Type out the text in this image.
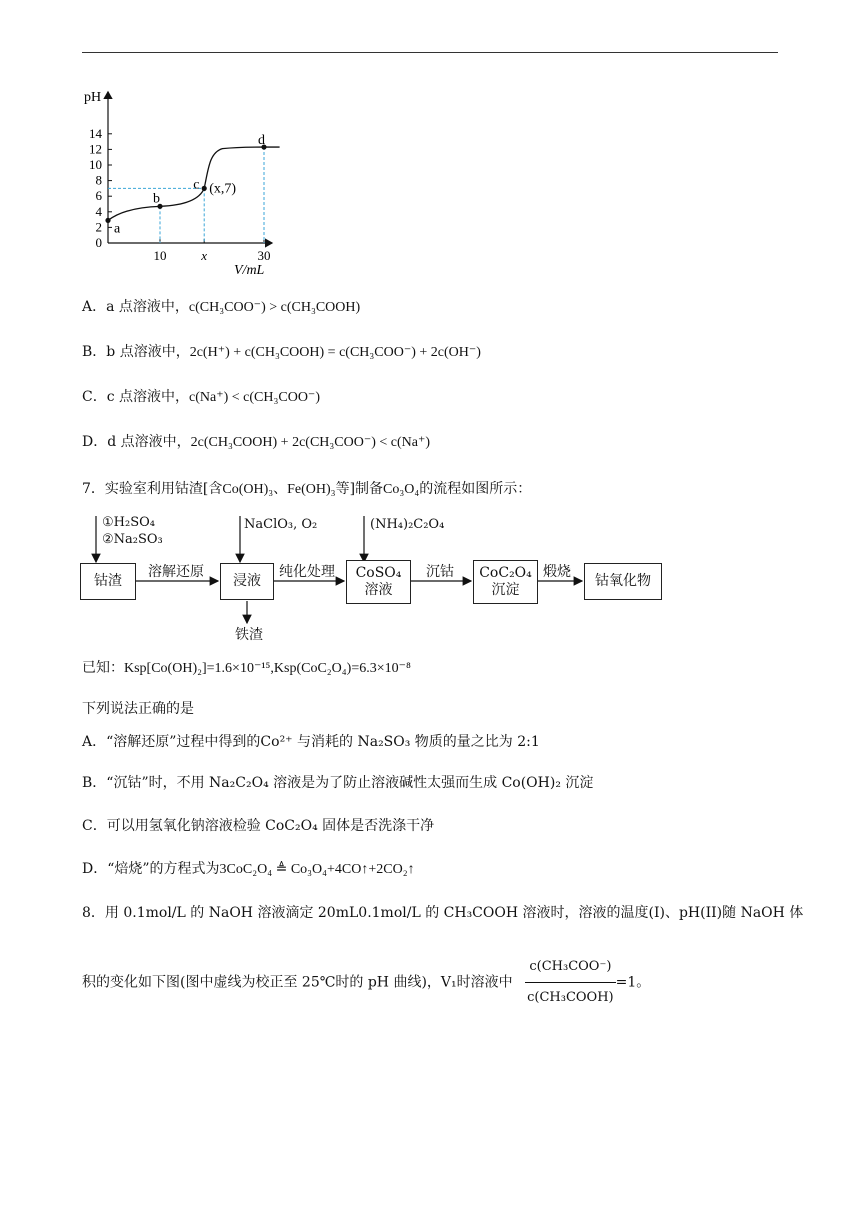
pH
0
2
4
6
8
10
12
14
10	x	30
V/mL
a
b
c (x,7)
d
A．a 点溶液中，c(CH₃COO⁻) > c(CH₃COOH)
B．b 点溶液中，2c(H⁺) + c(CH₃COOH) = c(CH₃COO⁻) + 2c(OH⁻)
C．c 点溶液中，c(Na⁺) < c(CH₃COO⁻)
D．d 点溶液中，2c(CH₃COOH) + 2c(CH₃COO⁻) < c(Na⁺)
7．实验室利用钴渣[含Co(OH)₃、Fe(OH)₃等]制备Co₃O₄的流程如图所示：
①H₂SO₄
②Na₂SO₃
NaClO₃, O₂	(NH₄)₂C₂O₄
钴渣
溶解还原
浸液
纯化处理 CoSO₄
溶液
沉钴 CoC₂O₄
沉淀
煅烧
钴氧化物
铁渣
已知：Ksp[Co(OH)₂]=1.6×10⁻¹⁵,Ksp(CoC₂O₄)=6.3×10⁻⁸
下列说法正确的是
A．“溶解还原”过程中得到的Co²⁺ 与消耗的 Na₂SO₃ 物质的量之比为 2:1
B．“沉钴”时，不用 Na₂C₂O₄ 溶液是为了防止溶液碱性太强而生成 Co(OH)₂ 沉淀
C．可以用氢氧化钠溶液检验 CoC₂O₄ 固体是否洗涤干净
D．“焙烧”的方程式为3CoC₂O₄ ≜ Co₃O₄+4CO↑+2CO₂↑
8．用 0.1mol/L 的 NaOH 溶液滴定 20mL0.1mol/L 的 CH₃COOH 溶液时，溶液的温度(I)、pH(II)随 NaOH 体
积的变化如下图(图中虚线为校正至 25℃时的 pH 曲线)，V₁时溶液中 $\frac{\text{c(CH₃COO⁻)}}{\text{c(CH₃COOH)}} =1$。
